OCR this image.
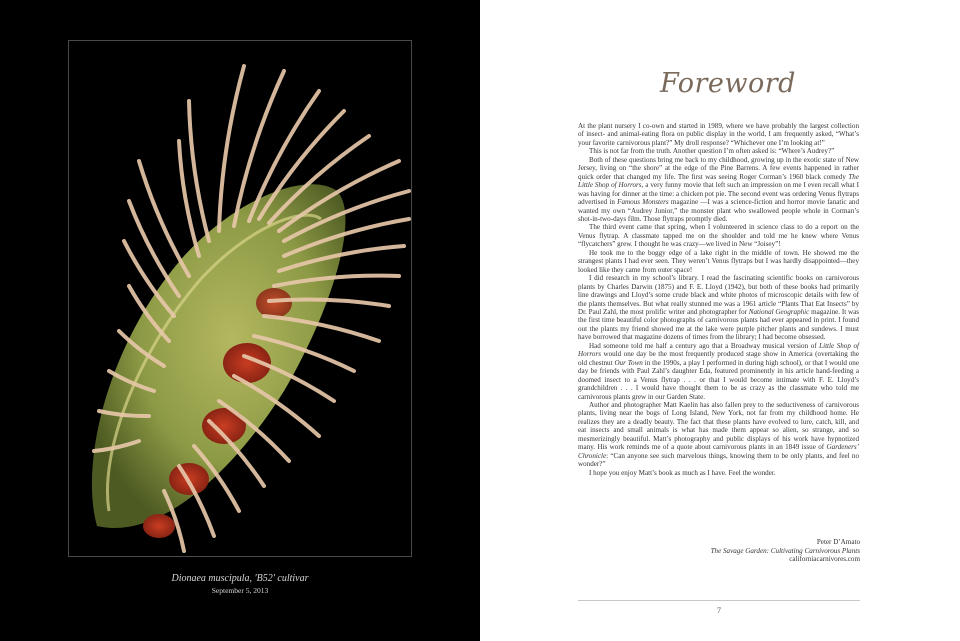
Dionaea muscipula, 'B52' cultivar
September 5, 2013
Foreword

At the plant nursery I co-own and started in 1989, where we have probably the largest collection of insect- and animal-eating flora on public display in the world, I am frequently asked, “What’s your favorite carnivorous plant?” My droll response? “Whichever one I’m looking at!”

This is not far from the truth. Another question I’m often asked is: “Where’s Audrey?”

Both of these questions bring me back to my childhood, growing up in the exotic state of New Jersey, living on “the shore” at the edge of the Pine Barrens. A few events happened in rather quick order that changed my life. The first was seeing Roger Corman’s 1960 black comedy The Little Shop of Horrors, a very funny movie that left such an impression on me I even recall what I was having for dinner at the time: a chicken pot pie. The second event was ordering Venus flytraps advertised in Famous Monsters magazine —I was a science-fiction and horror movie fanatic and wanted my own “Audrey Junior,” the monster plant who swallowed people whole in Corman’s shot-in-two-days film. Those flytraps promptly died.

The third event came that spring, when I volunteered in science class to do a report on the Venus flytrap. A classmate tapped me on the shoulder and told me he knew where Venus “flycatchers” grew. I thought he was crazy—we lived in New “Joisey”!

He took me to the boggy edge of a lake right in the middle of town. He showed me the strangest plants I had ever seen. They weren’t Venus flytraps but I was hardly disappointed—they looked like they came from outer space!

I did research in my school’s library. I read the fascinating scientific books on carnivorous plants by Charles Darwin (1875) and F. E. Lloyd (1942), but both of these books had primarily line drawings and Lloyd’s some crude black and white photos of microscopic details with few of the plants themselves. But what really stunned me was a 1961 article “Plants That Eat Insects” by Dr. Paul Zahl, the most prolific writer and photographer for National Geographic magazine. It was the first time beautiful color photographs of carnivorous plants had ever appeared in print. I found out the plants my friend showed me at the lake were purple pitcher plants and sundews. I must have borrowed that magazine dozens of times from the library; I had become obsessed.

Had someone told me half a century ago that a Broadway musical version of Little Shop of Horrors would one day be the most frequently produced stage show in America (overtaking the old chestnut Our Town in the 1990s, a play I performed in during high school), or that I would one day be friends with Paul Zahl’s daughter Eda, featured prominently in his article hand-feeding a doomed insect to a Venus flytrap . . . or that I would become intimate with F. E. Lloyd’s grandchildren . . . I would have thought them to be as crazy as the classmate who told me carnivorous plants grew in our Garden State.

Author and photographer Matt Kaelin has also fallen prey to the seductiveness of carnivorous plants, living near the bogs of Long Island, New York, not far from my childhood home. He realizes they are a deadly beauty. The fact that these plants have evolved to lure, catch, kill, and eat insects and small animals is what has made them appear so alien, so strange, and so mesmerizingly beautiful. Matt’s photography and public displays of his work have hypnotized many. His work reminds me of a quote about carnivorous plants in an 1849 issue of Gardeners’ Chronicle: “Can anyone see such marvelous things, knowing them to be only plants, and feel no wonder?”

I hope you enjoy Matt’s book as much as I have. Feel the wonder.

Peter D’Amato
The Savage Garden: Cultivating Carnivorous Plants
californiacarnivores.com
7
